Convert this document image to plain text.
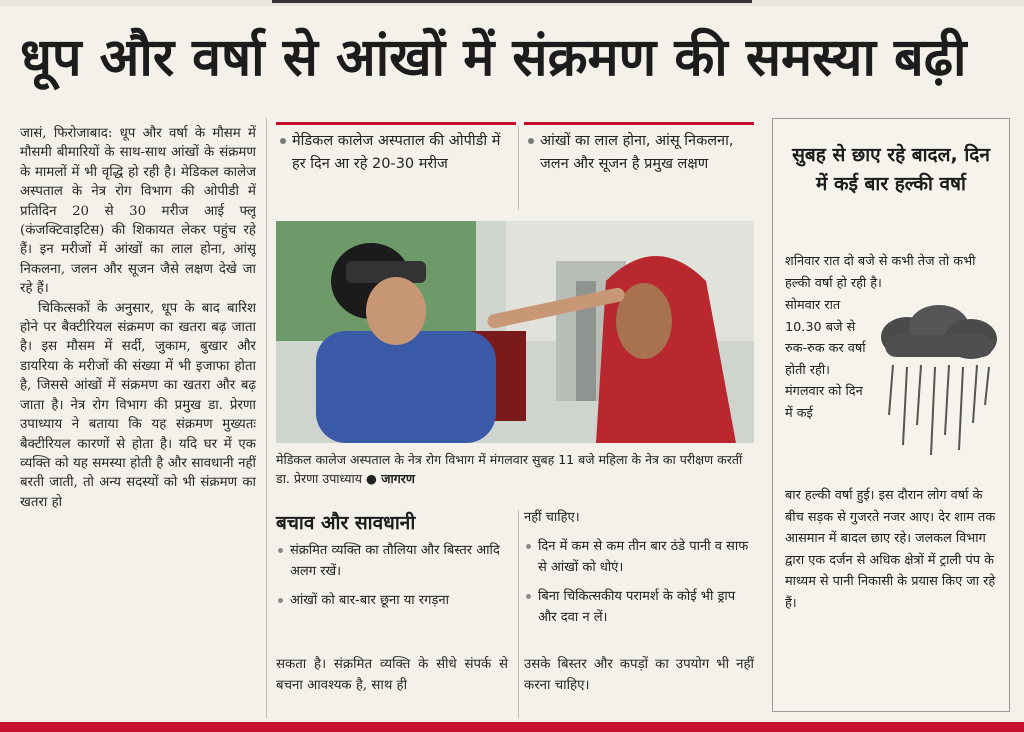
धूप और वर्षा से आंखों में संक्रमण की समस्या बढ़ी

जासं, फिरोजाबाद: धूप और वर्षा के मौसम में मौसमी बीमारियों के साथ-साथ आंखों के संक्रमण के मामलों में भी वृद्धि हो रही है। मेडिकल कालेज अस्पताल के नेत्र रोग विभाग की ओपीडी में प्रतिदिन 20 से 30 मरीज आई फ्लू (कंजक्टिवाइटिस) की शिकायत लेकर पहुंच रहे हैं। इन मरीजों में आंखों का लाल होना, आंसू निकलना, जलन और सूजन जैसे लक्षण देखे जा रहे हैं।

चिकित्सकों के अनुसार, धूप के बाद बारिश होने पर बैक्टीरियल संक्रमण का खतरा बढ़ जाता है। इस मौसम में सर्दी, जुकाम, बुखार और डायरिया के मरीजों की संख्या में भी इजाफा होता है, जिससे आंखों में संक्रमण का खतरा और बढ़ जाता है। नेत्र रोग विभाग की प्रमुख डा. प्रेरणा उपाध्याय ने बताया कि यह संक्रमण मुख्यतः बैक्टीरियल कारणों से होता है। यदि घर में एक व्यक्ति को यह समस्या होती है और सावधानी नहीं बरती जाती, तो अन्य सदस्यों को भी संक्रमण का खतरा हो

मेडिकल कालेज अस्पताल की ओपीडी में हर दिन आ रहे 20-30 मरीज
आंखों का लाल होना, आंसू निकलना, जलन और सूजन है प्रमुख लक्षण
मेडिकल कालेज अस्पताल के नेत्र रोग विभाग में मंगलवार सुबह 11 बजे महिला के नेत्र का परीक्षण करतीं डा. प्रेरणा उपाध्याय ● जागरण
बचाव और सावधानी
संक्रमित व्यक्ति का तौलिया और बिस्तर आदि अलग रखें।
आंखों को बार-बार छूना या रगड़ना
नहीं चाहिए।
दिन में कम से कम तीन बार ठंडे पानी व साफ से आंखों को धोएं।
बिना चिकित्सकीय परामर्श के कोई भी ड्राप और दवा न लें।
सकता है। संक्रमित व्यक्ति के सीधे संपर्क से बचना आवश्यक है, साथ ही
उसके बिस्तर और कपड़ों का उपयोग भी नहीं करना चाहिए।
सुबह से छाए रहे बादल, दिन में कई बार हल्की वर्षा
शनिवार रात दो बजे से कभी तेज तो कभी हल्की वर्षा हो रही है।
सोमवार रात 10.30 बजे से रुक-रुक कर वर्षा होती रही। मंगलवार को दिन में कई
बार हल्की वर्षा हुई। इस दौरान लोग वर्षा के बीच सड़क से गुजरते नजर आए। देर शाम तक आसमान में बादल छाए रहे। जलकल विभाग द्वारा एक दर्जन से अधिक क्षेत्रों में ट्राली पंप के माध्यम से पानी निकासी के प्रयास किए जा रहे हैं।
